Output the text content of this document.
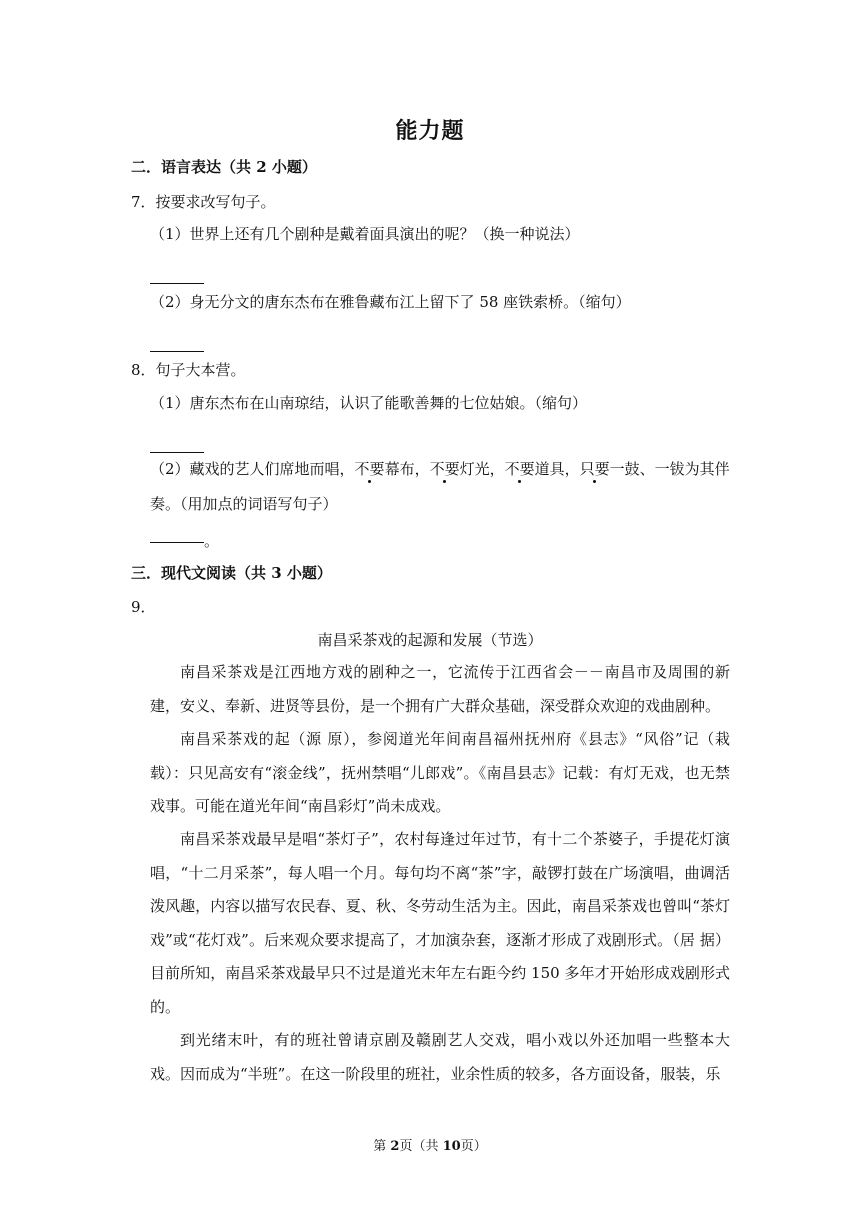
能力题
二．语言表达（共 2 小题）
7．按要求改写句子。
（1）世界上还有几个剧种是戴着面具演出的呢？（换一种说法）
（2）身无分文的唐东杰布在雅鲁藏布江上留下了 58 座铁索桥。（缩句）
8．句子大本营。
（1）唐东杰布在山南琼结，认识了能歌善舞的七位姑娘。（缩句）
（2）藏戏的艺人们席地而唱，不要幕布，不要灯光，不要道具，只要一鼓、一钹为其伴
奏。（用加点的词语写句子）
。
三．现代文阅读（共 3 小题）
9．
南昌采茶戏的起源和发展（节选）
南昌采茶戏是江西地方戏的剧种之一，它流传于江西省会－－南昌市及周围的新建，安义、奉新、进贤等县份，是一个拥有广大群众基础，深受群众欢迎的戏曲剧种。
南昌采茶戏的起（源 原），参阅道光年间南昌福州抚州府《县志》“风俗”记（栽 载）：只见高安有“滚金线”，抚州禁唱“儿郎戏”。《南昌县志》记载：有灯无戏，也无禁戏事。可能在道光年间“南昌彩灯”尚未成戏。
南昌采茶戏最早是唱“茶灯子”，农村每逢过年过节，有十二个茶婆子，手提花灯演唱，“十二月采茶”，每人唱一个月。每句均不离“茶”字，敲锣打鼓在广场演唱，曲调活泼风趣，内容以描写农民春、夏、秋、冬劳动生活为主。因此，南昌采茶戏也曾叫“茶灯戏”或“花灯戏”。后来观众要求提高了，才加演杂套，逐渐才形成了戏剧形式。（居 据）目前所知，南昌采茶戏最早只不过是道光末年左右距今约 150 多年才开始形成戏剧形式的。
到光绪末叶，有的班社曾请京剧及赣剧艺人交戏，唱小戏以外还加唱一些整本大戏。因而成为“半班”。在这一阶段里的班社，业余性质的较多，各方面设备，服装，乐
第 2页（共 10页）
